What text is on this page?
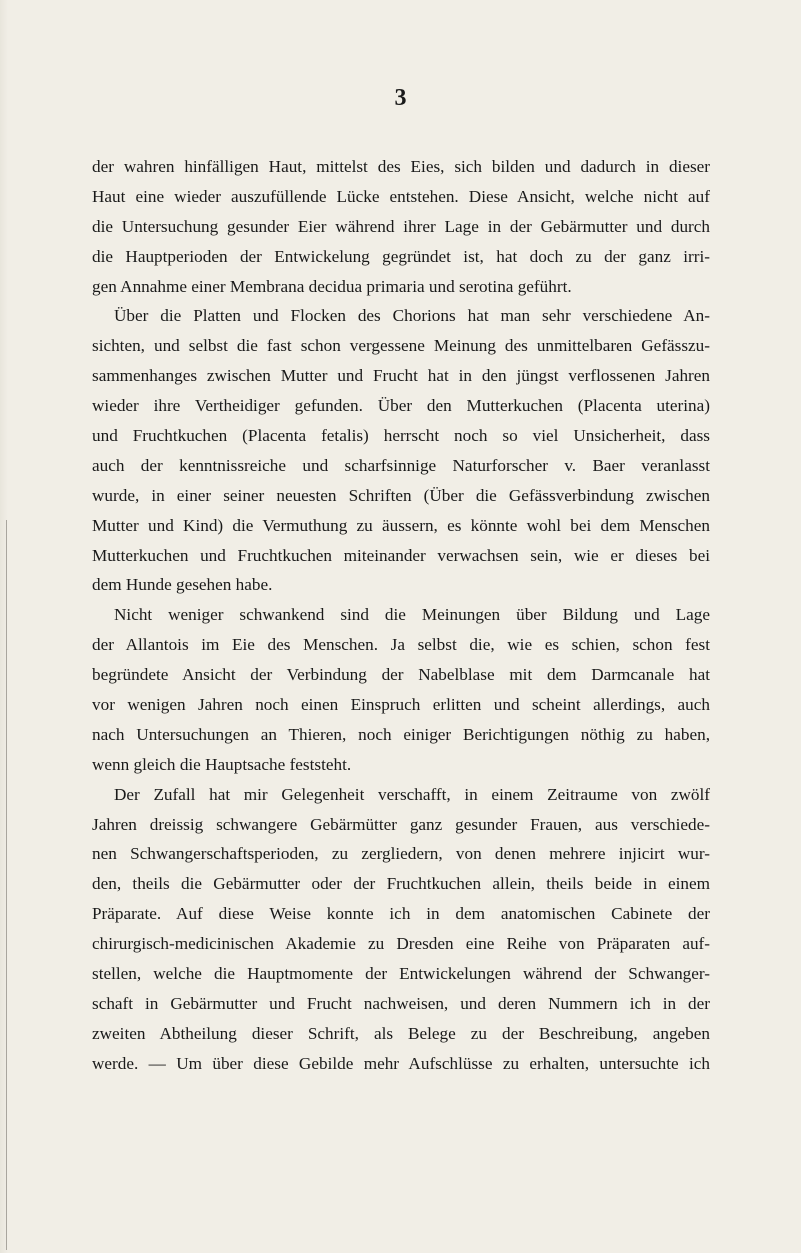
3
der wahren hinfälligen Haut, mittelst des Eies, sich bilden und dadurch in dieser
Haut eine wieder auszufüllende Lücke entstehen. Diese Ansicht, welche nicht auf
die Untersuchung gesunder Eier während ihrer Lage in der Gebärmutter und durch
die Hauptperioden der Entwickelung gegründet ist, hat doch zu der ganz irri-
gen Annahme einer Membrana decidua primaria und serotina geführt.
Über die Platten und Flocken des Chorions hat man sehr verschiedene An-
sichten, und selbst die fast schon vergessene Meinung des unmittelbaren Gefässzu-
sammenhanges zwischen Mutter und Frucht hat in den jüngst verflossenen Jahren
wieder ihre Vertheidiger gefunden. Über den Mutterkuchen (Placenta uterina)
und Fruchtkuchen (Placenta fetalis) herrscht noch so viel Unsicherheit, dass
auch der kenntnissreiche und scharfsinnige Naturforscher v. Baer veranlasst
wurde, in einer seiner neuesten Schriften (Über die Gefässverbindung zwischen
Mutter und Kind) die Vermuthung zu äussern, es könnte wohl bei dem Menschen
Mutterkuchen und Fruchtkuchen miteinander verwachsen sein, wie er dieses bei
dem Hunde gesehen habe.
Nicht weniger schwankend sind die Meinungen über Bildung und Lage
der Allantois im Eie des Menschen. Ja selbst die, wie es schien, schon fest
begründete Ansicht der Verbindung der Nabelblase mit dem Darmcanale hat
vor wenigen Jahren noch einen Einspruch erlitten und scheint allerdings, auch
nach Untersuchungen an Thieren, noch einiger Berichtigungen nöthig zu haben,
wenn gleich die Hauptsache feststeht.
Der Zufall hat mir Gelegenheit verschafft, in einem Zeitraume von zwölf
Jahren dreissig schwangere Gebärmütter ganz gesunder Frauen, aus verschiede-
nen Schwangerschaftsperioden, zu zergliedern, von denen mehrere injicirt wur-
den, theils die Gebärmutter oder der Fruchtkuchen allein, theils beide in einem
Präparate. Auf diese Weise konnte ich in dem anatomischen Cabinete der
chirurgisch-medicinischen Akademie zu Dresden eine Reihe von Präparaten auf-
stellen, welche die Hauptmomente der Entwickelungen während der Schwanger-
schaft in Gebärmutter und Frucht nachweisen, und deren Nummern ich in der
zweiten Abtheilung dieser Schrift, als Belege zu der Beschreibung, angeben
werde. — Um über diese Gebilde mehr Aufschlüsse zu erhalten, untersuchte ich
